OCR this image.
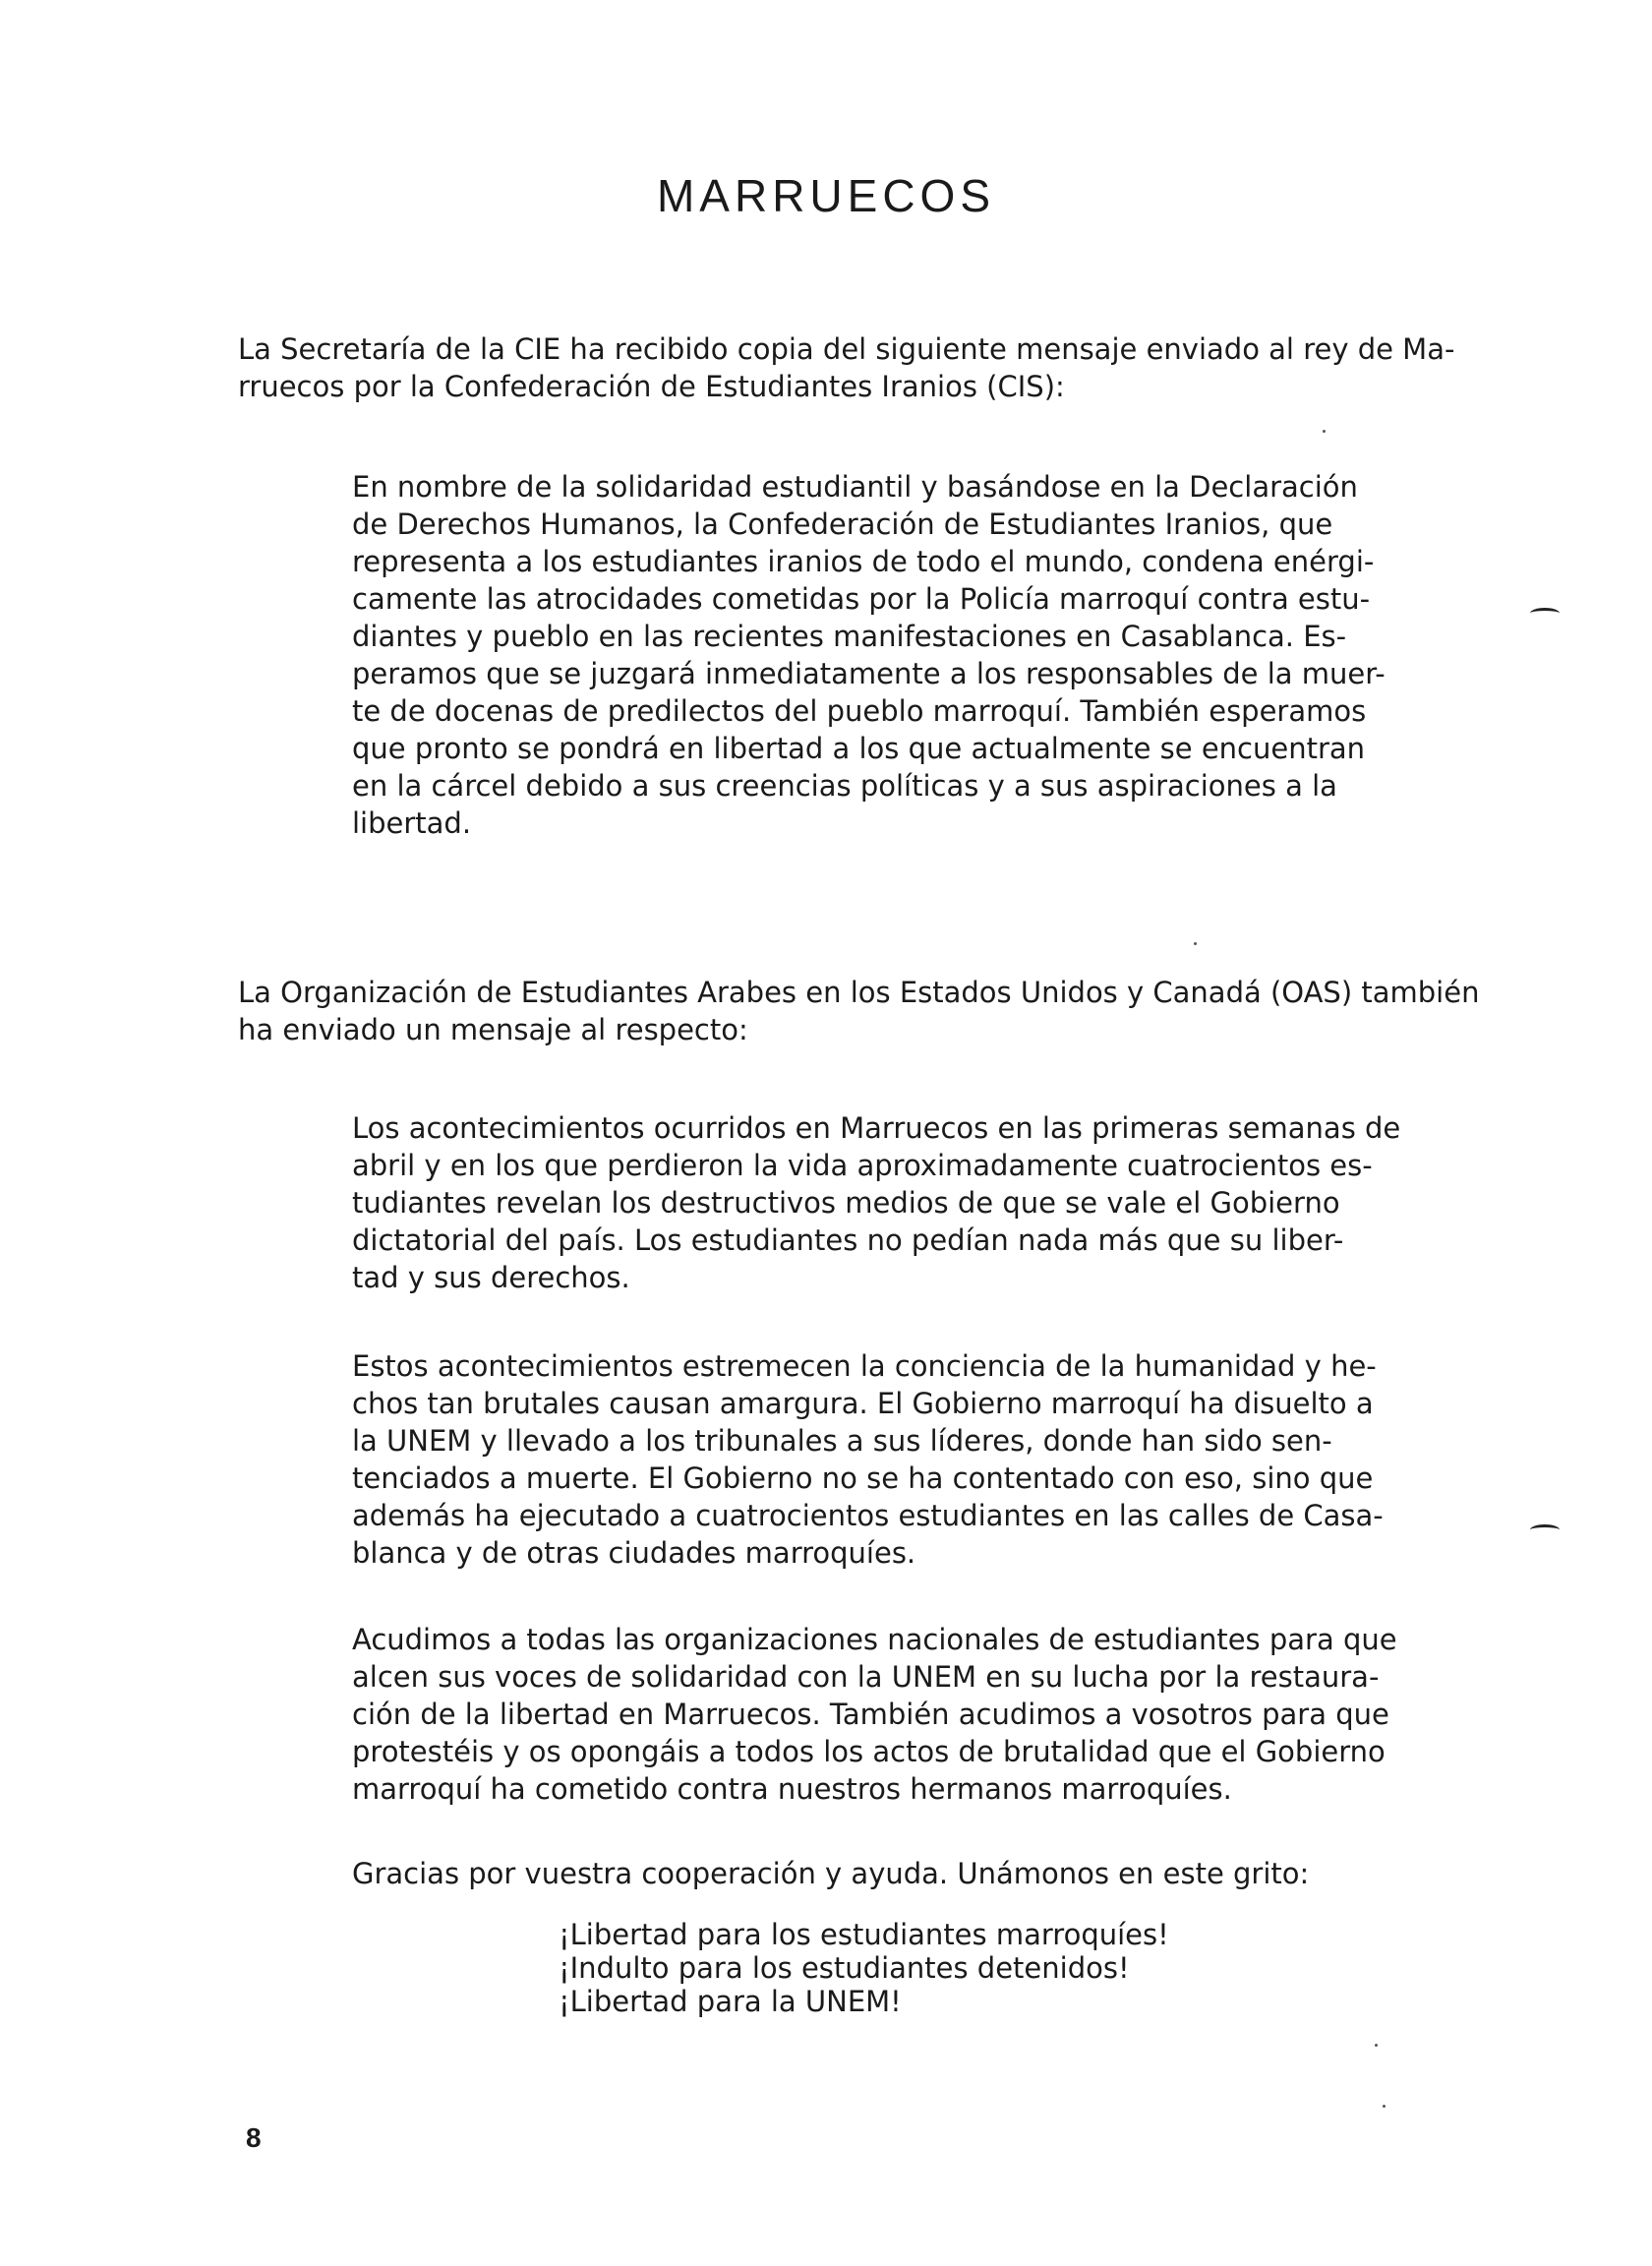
MARRUECOS

La Secretaría de la CIE ha recibido copia del siguiente mensaje enviado al rey de Ma-
rruecos por la Confederación de Estudiantes Iranios (CIS):

En nombre de la solidaridad estudiantil y basándose en la Declaración
de Derechos Humanos, la Confederación de Estudiantes Iranios, que
representa a los estudiantes iranios de todo el mundo, condena enérgi-
camente las atrocidades cometidas por la Policía marroquí contra estu-
diantes y pueblo en las recientes manifestaciones en Casablanca. Es-
peramos que se juzgará inmediatamente a los responsables de la muer-
te de docenas de predilectos del pueblo marroquí. También esperamos
que pronto se pondrá en libertad a los que actualmente se encuentran
en la cárcel debido a sus creencias políticas y a sus aspiraciones a la
libertad.

La Organización de Estudiantes Arabes en los Estados Unidos y Canadá (OAS) también
ha enviado un mensaje al respecto:

Los acontecimientos ocurridos en Marruecos en las primeras semanas de
abril y en los que perdieron la vida aproximadamente cuatrocientos es-
tudiantes revelan los destructivos medios de que se vale el Gobierno
dictatorial del país. Los estudiantes no pedían nada más que su liber-
tad y sus derechos.

Estos acontecimientos estremecen la conciencia de la humanidad y he-
chos tan brutales causan amargura. El Gobierno marroquí ha disuelto a
la UNEM y llevado a los tribunales a sus líderes, donde han sido sen-
tenciados a muerte. El Gobierno no se ha contentado con eso, sino que
además ha ejecutado a cuatrocientos estudiantes en las calles de Casa-
blanca y de otras ciudades marroquíes.

Acudimos a todas las organizaciones nacionales de estudiantes para que
alcen sus voces de solidaridad con la UNEM en su lucha por la restaura-
ción de la libertad en Marruecos. También acudimos a vosotros para que
protestéis y os opongáis a todos los actos de brutalidad que el Gobierno
marroquí ha cometido contra nuestros hermanos marroquíes.

Gracias por vuestra cooperación y ayuda. Unámonos en este grito:

¡Libertad para los estudiantes marroquíes!
¡Indulto para los estudiantes detenidos!
¡Libertad para la UNEM!
8
